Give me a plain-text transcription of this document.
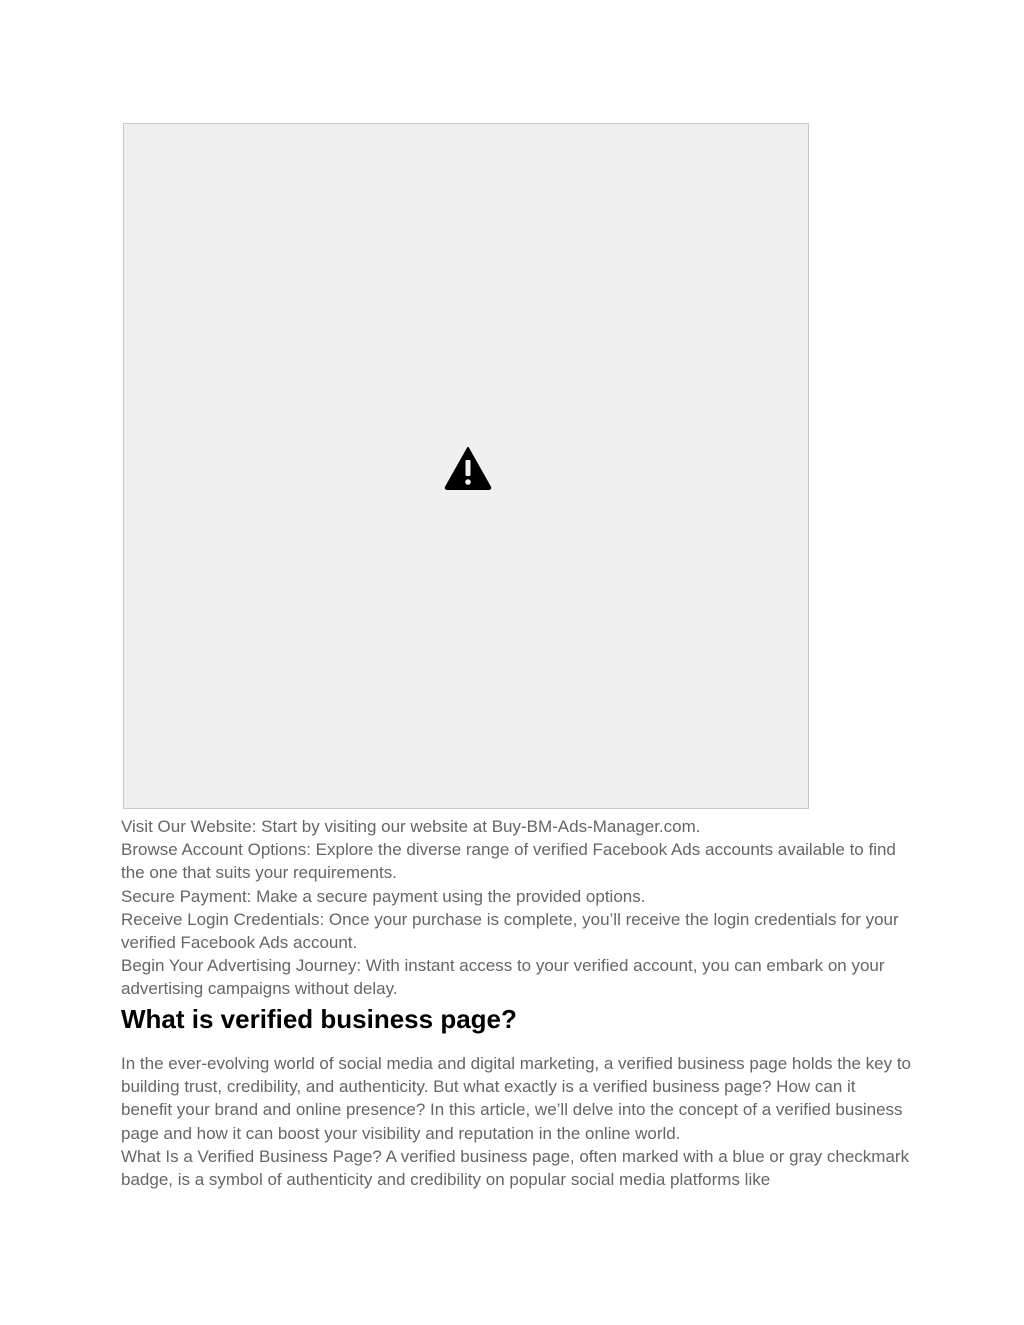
Visit Our Website: Start by visiting our website at Buy-BM-Ads-Manager.com.

Browse Account Options: Explore the diverse range of verified Facebook Ads accounts available to find the one that suits your requirements.

Secure Payment: Make a secure payment using the provided options.

Receive Login Credentials: Once your purchase is complete, you’ll receive the login credentials for your verified Facebook Ads account.

Begin Your Advertising Journey: With instant access to your verified account, you can embark on your advertising campaigns without delay.

What is verified business page?

In the ever-evolving world of social media and digital marketing, a verified business page holds the key to building trust, credibility, and authenticity. But what exactly is a verified business page? How can it benefit your brand and online presence? In this article, we’ll delve into the concept of a verified business page and how it can boost your visibility and reputation in the online world.

What Is a Verified Business Page? A verified business page, often marked with a blue or gray checkmark badge, is a symbol of authenticity and credibility on popular social media platforms like
